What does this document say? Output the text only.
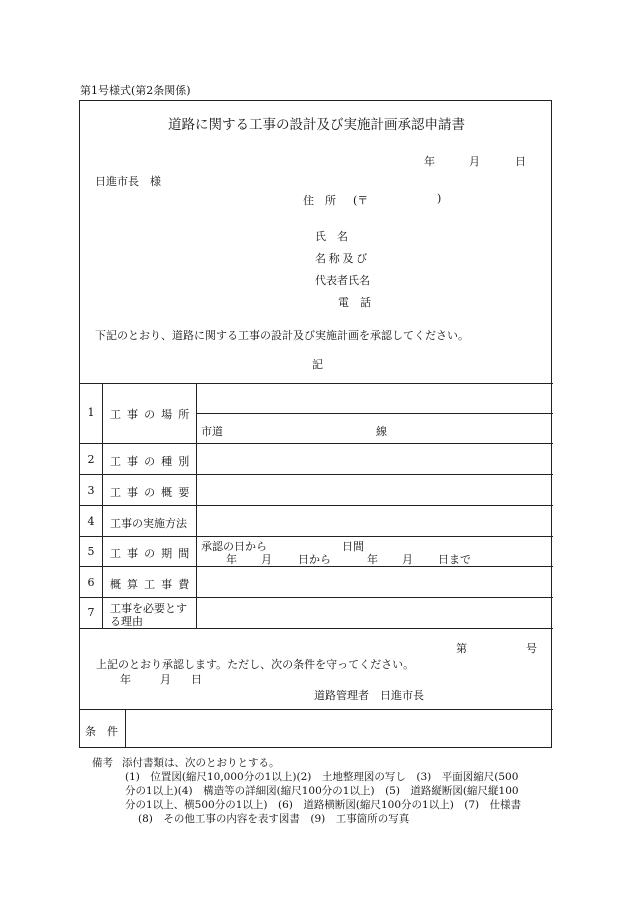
第1号様式(第2条関係)
道路に関する工事の設計及び実施計画承認申請書
年	月	日
日進市長　様
住　所 (〒	)
氏　名
名称及び
代表者氏名
電　話
下記のとおり、道路に関する工事の設計及び実施計画を承認してください。
記
1	工事の場所
市道	線
2	工事の種別
3	工事の概要
4	工事の実施方法
5	工事の期間
承認の日から	日間
年 月 日から	年 月 日まで
6	概算工事費
7	工事を必要とす
る理由
第	号
上記のとおり承認します。ただし、次の条件を守ってください。
年	月 日
道路管理者　日進市長
条　件
備考 添付書類は、次のとおりとする。
(1)　位置図(縮尺10,000分の1以上)(2)　土地整理図の写し　(3)　平面図縮尺(500
分の1以上)(4)　構造等の詳細図(縮尺100分の1以上)　(5)　道路縦断図(縮尺縦100
分の1以上、横500分の1以上)　(6)　道路横断図(縮尺100分の1以上)　(7)　仕様書
(8)　その他工事の内容を表す図書　(9)　工事箇所の写真
